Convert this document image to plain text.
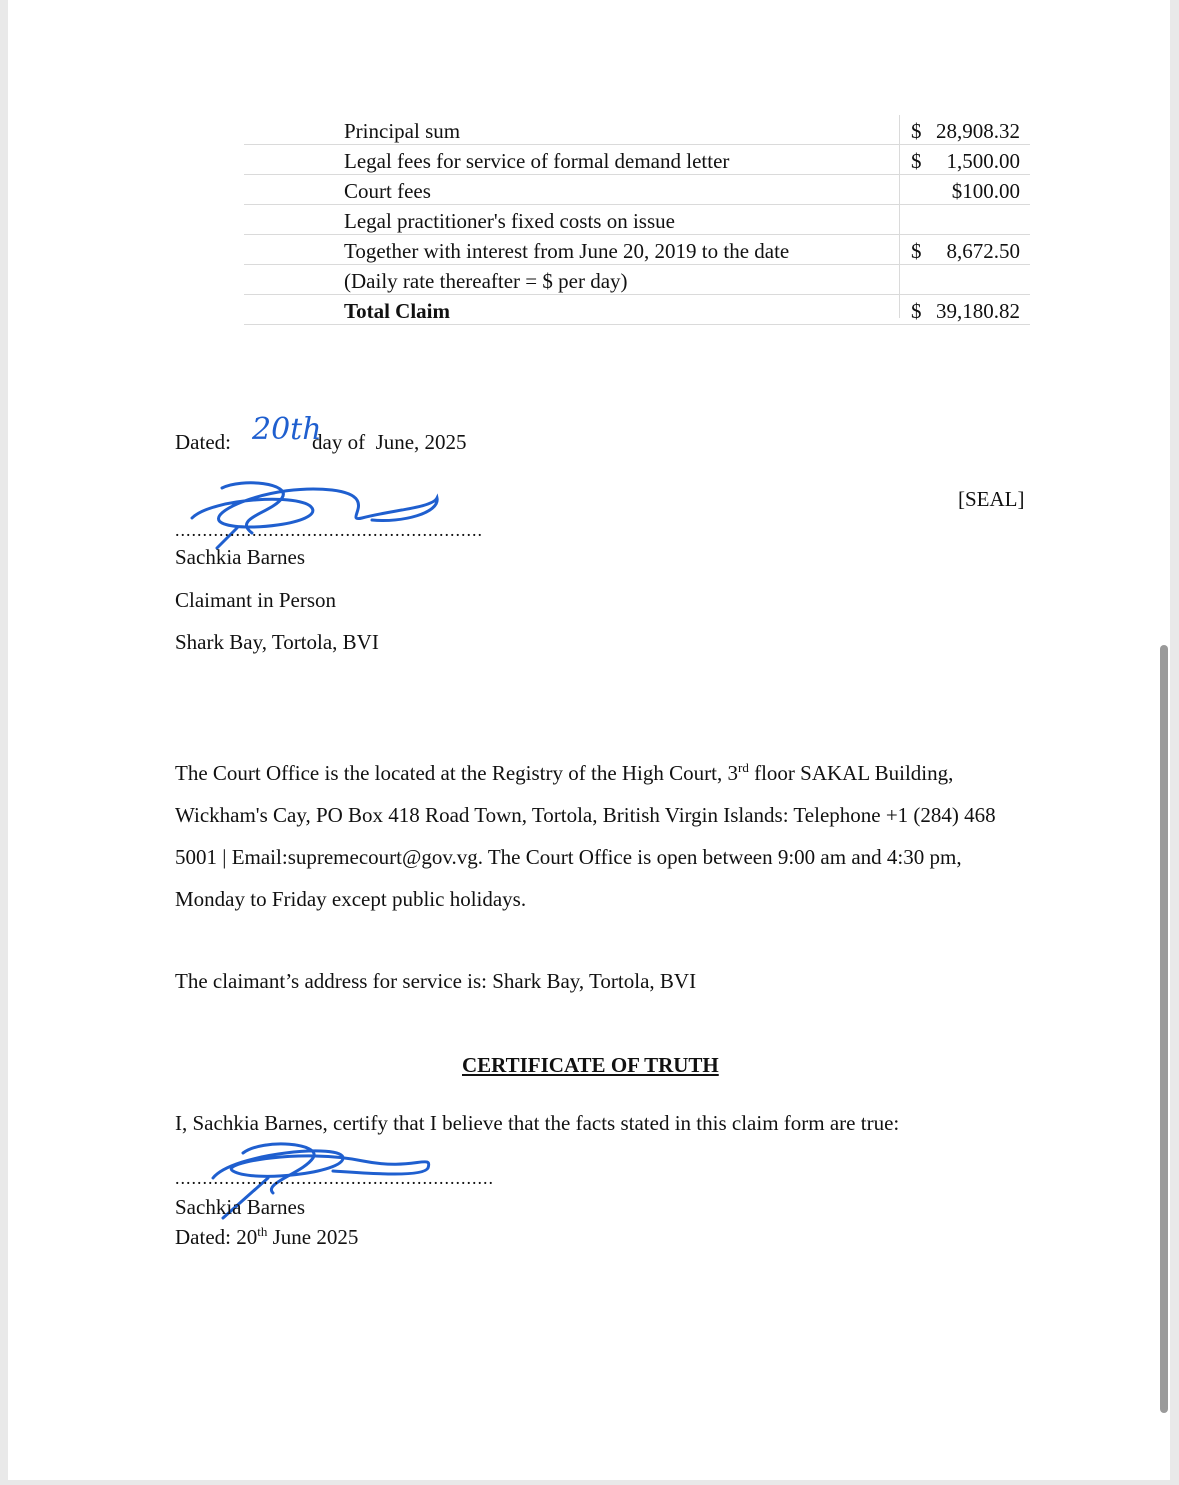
Principal sum	$ 28,908.32
Legal fees for service of formal demand letter	$ 1,500.00
Court fees	$100.00
Legal practitioner's fixed costs on issue
Together with interest from June 20, 2019 to the date	$ 8,672.50
(Daily rate thereafter = $ per day)
Total Claim	$ 39,180.82
Dated: 20th
day of  June, 2025
[SEAL]
........................................................
Sachkia Barnes
Claimant in Person
Shark Bay, Tortola, BVI

The Court Office is the located at the Registry of the High Court, 3rd floor SAKAL Building, Wickham's Cay, PO Box 418 Road Town, Tortola, British Virgin Islands: Telephone +1 (284) 468 5001 | Email:supremecourt@gov.vg. The Court Office is open between 9:00 am and 4:30 pm, Monday to Friday except public holidays.

The claimant’s address for service is: Shark Bay, Tortola, BVI
CERTIFICATE OF TRUTH
I, Sachkia Barnes, certify that I believe that the facts stated in this claim form are true:
..........................................................
Sachkia Barnes
Dated: 20th June 2025
